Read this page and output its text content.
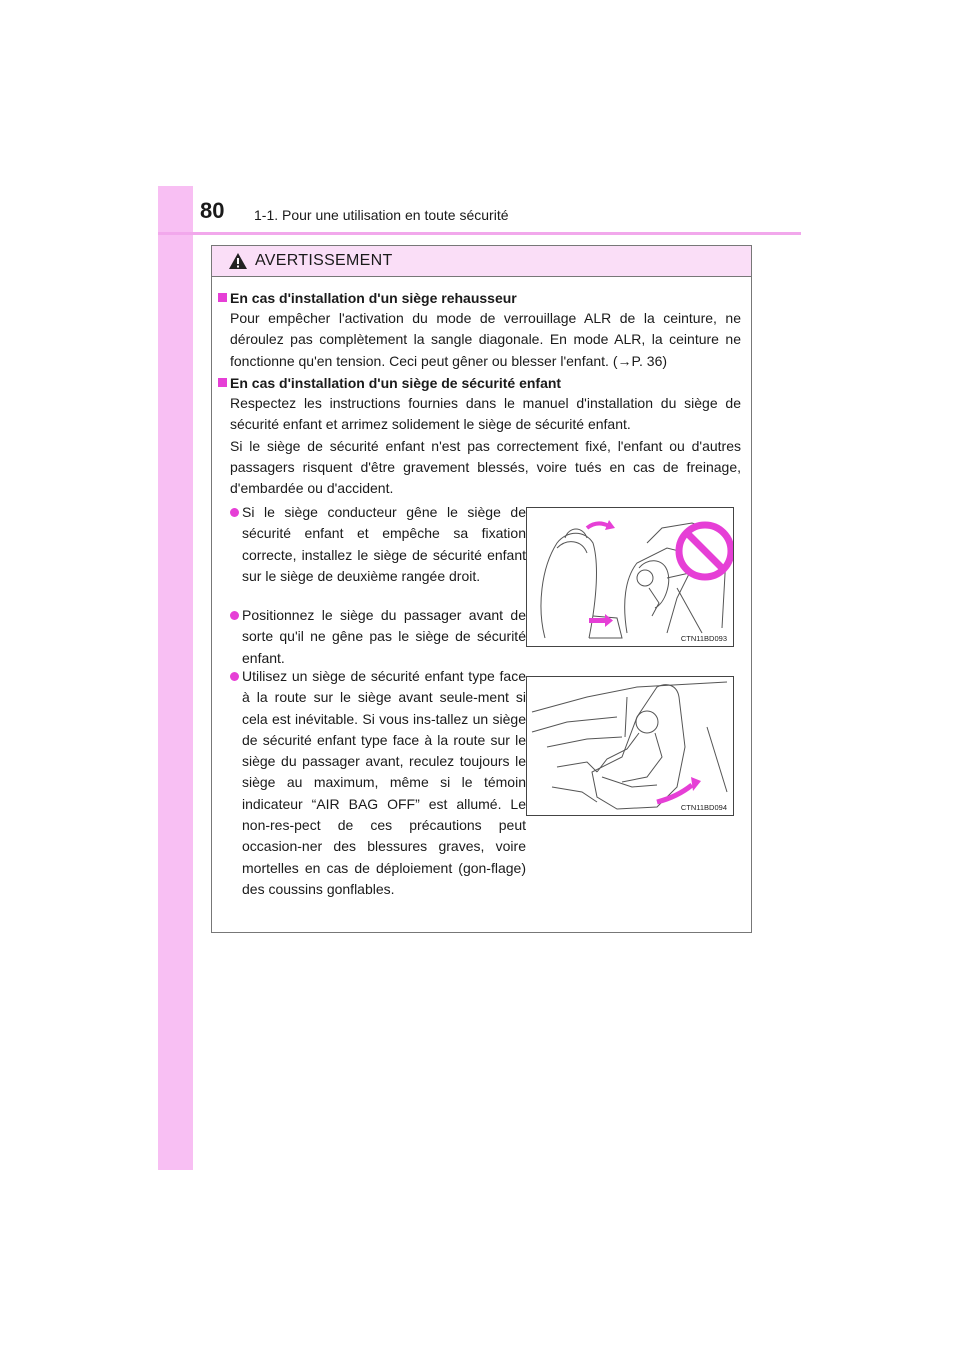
80 1-1. Pour une utilisation en toute sécurité
AVERTISSEMENT
En cas d'installation d'un siège rehausseur

Pour empêcher l'activation du mode de verrouillage ALR de la ceinture, ne déroulez pas complètement la sangle diagonale. En mode ALR, la ceinture ne fonctionne qu'en tension. Ceci peut gêner ou blesser l'enfant. (→P. 36)

En cas d'installation d'un siège de sécurité enfant

Respectez les instructions fournies dans le manuel d'installation du siège de sécurité enfant et arrimez solidement le siège de sécurité enfant.

Si le siège de sécurité enfant n'est pas correctement fixé, l'enfant ou d'autres passagers risquent d'être gravement blessés, voire tués en cas de freinage, d'embardée ou d'accident.

Si le siège conducteur gêne le siège de sécurité enfant et empêche sa fixation correcte, installez le siège de sécurité enfant sur le siège de deuxième rangée droit.
Positionnez le siège du passager avant de sorte qu'il ne gêne pas le siège de sécurité enfant.
Utilisez un siège de sécurité enfant type face à la route sur le siège avant seule-ment si cela est inévitable. Si vous ins-tallez un siège de sécurité enfant type face à la route sur le siège du passager avant, reculez toujours le siège au maximum, même si le témoin indicateur “AIR BAG OFF” est allumé. Le non-res-pect de ces précautions peut occasion-ner des blessures graves, voire mortelles en cas de déploiement (gon-flage) des coussins gonflables.
CTN11BD093
CTN11BD094
